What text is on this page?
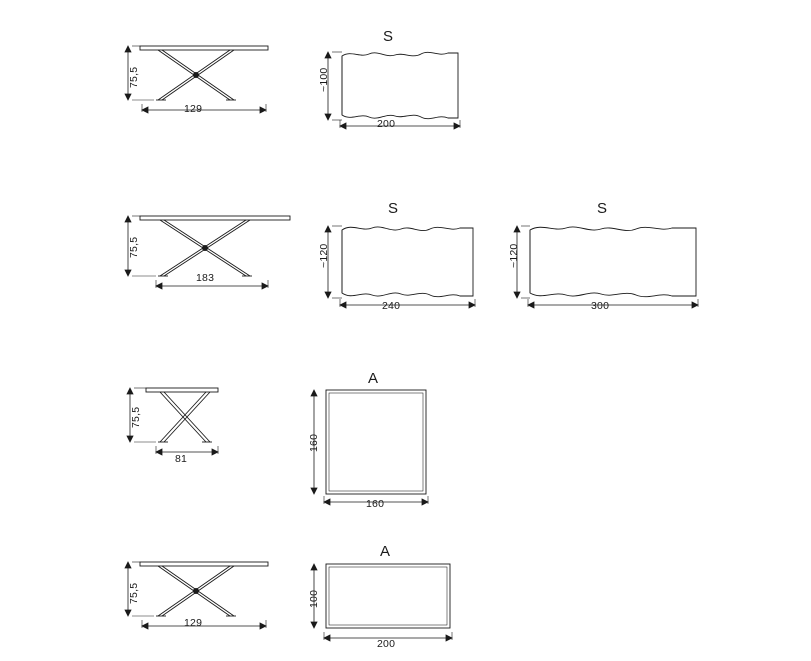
75,5
129
S
~100
200
75,5
183
S
~120
240
S
~120
300
75,5
81
A
160
160
75,5
129
A
100
200
